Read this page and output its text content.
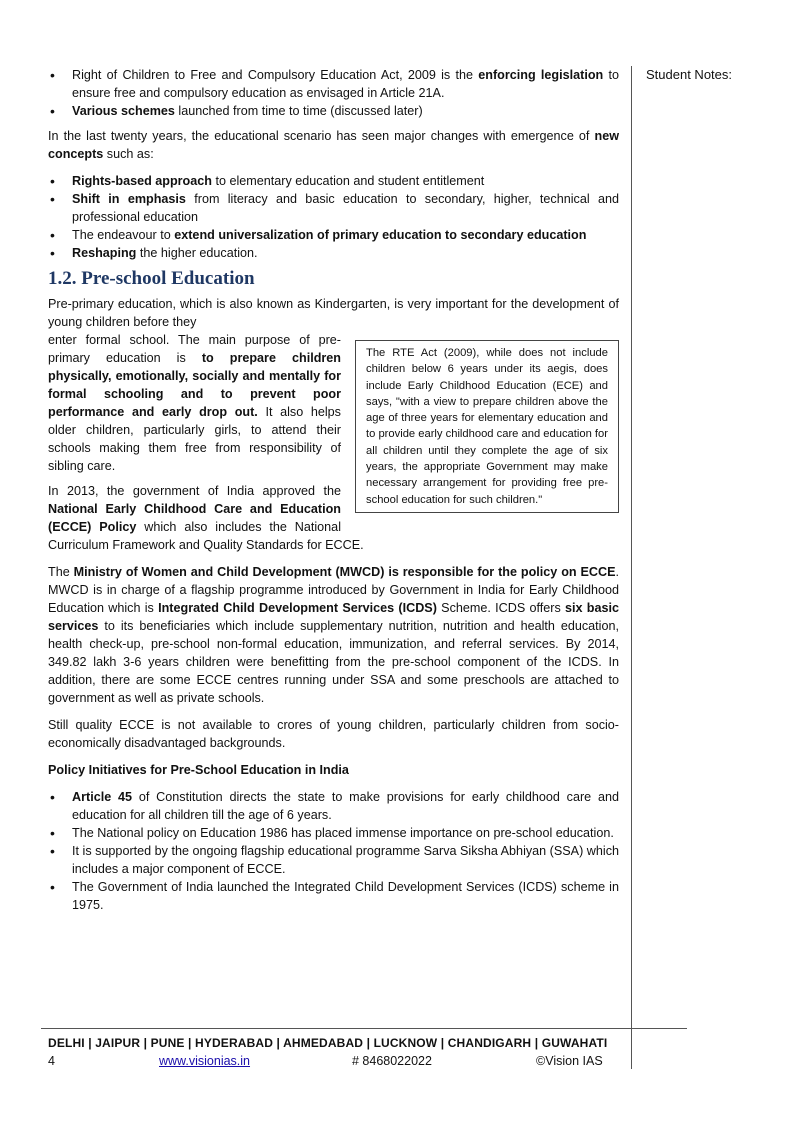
• Right of Children to Free and Compulsory Education Act, 2009 is the enforcing legislation to ensure free and compulsory education as envisaged in Article 21A.
• Various schemes launched from time to time (discussed later)

In the last twenty years, the educational scenario has seen major changes with emergence of new concepts such as:

• Rights-based approach to elementary education and student entitlement
• Shift in emphasis from literacy and basic education to secondary, higher, technical and professional education
• The endeavour to extend universalization of primary education to secondary education
• Reshaping the higher education.
1.2. Pre-school Education

Pre-primary education, which is also known as Kindergarten, is very important for the development of young children before they

The RTE Act (2009), while does not include children below 6 years under its aegis, does include Early Childhood Education (ECE) and says, "with a view to prepare children above the age of three years for elementary education and to provide early childhood care and education for all children until they complete the age of six years, the appropriate Government may make necessary arrangement for providing free pre-school education for such children."

enter formal school. The main purpose of pre-primary education is to prepare children physically, emotionally, socially and mentally for formal schooling and to prevent poor performance and early drop out. It also helps older children, particularly girls, to attend their schools making them free from responsibility of sibling care.

In 2013, the government of India approved the National Early Childhood Care and Education (ECCE) Policy which also includes the National Curriculum Framework and Quality Standards for ECCE.

The Ministry of Women and Child Development (MWCD) is responsible for the policy on ECCE. MWCD is in charge of a flagship programme introduced by Government in India for Early Childhood Education which is Integrated Child Development Services (ICDS) Scheme. ICDS offers six basic services to its beneficiaries which include supplementary nutrition, nutrition and health education, health check-up, pre-school non-formal education, immunization, and referral services. By 2014, 349.82 lakh 3-6 years children were benefitting from the pre-school component of the ICDS. In addition, there are some ECCE centres running under SSA and some preschools are attached to government as well as private schools.

Still quality ECCE is not available to crores of young children, particularly children from socio-economically disadvantaged backgrounds.

Policy Initiatives for Pre-School Education in India

• Article 45 of Constitution directs the state to make provisions for early childhood care and education for all children till the age of 6 years.
• The National policy on Education 1986 has placed immense importance on pre-school education.
• It is supported by the ongoing flagship educational programme Sarva Siksha Abhiyan (SSA) which includes a major component of ECCE.
• The Government of India launched the Integrated Child Development Services (ICDS) scheme in 1975.
Student Notes:
DELHI | JAIPUR | PUNE | HYDERABAD | AHMEDABAD | LUCKNOW | CHANDIGARH | GUWAHATI
4	www.visionias.in	# 8468022022	©Vision IAS
